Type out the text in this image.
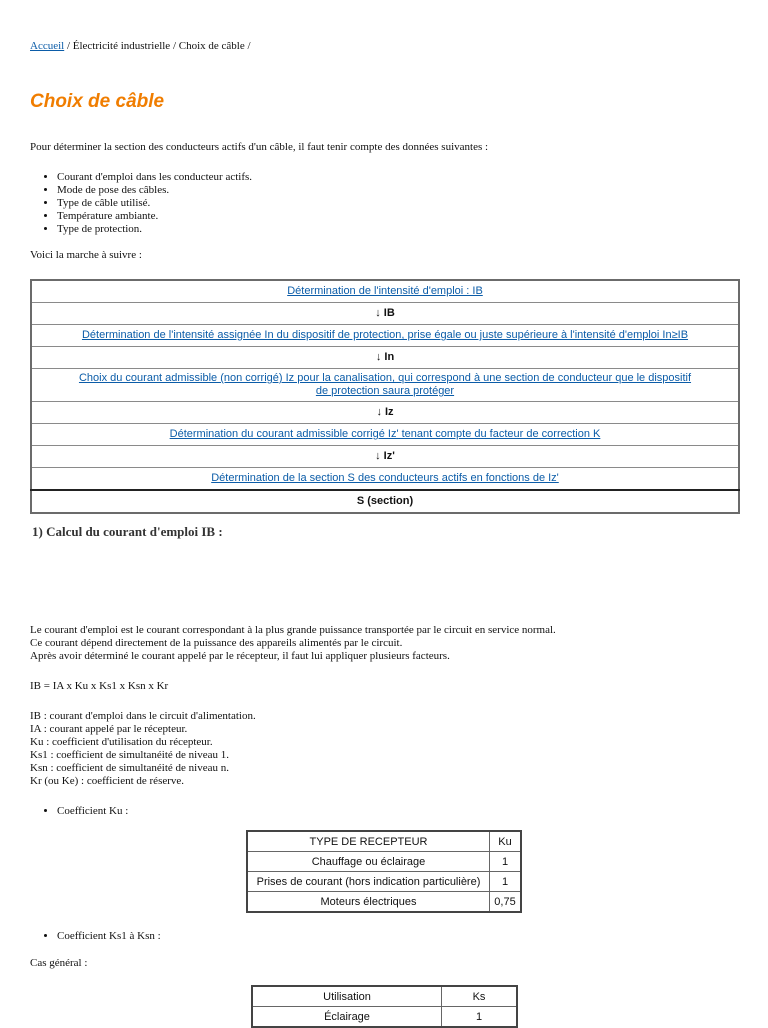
Accueil / Électricité industrielle / Choix de câble /
Choix de câble
Pour déterminer la section des conducteurs actifs d'un câble, il faut tenir compte des données suivantes :
• Courant d'emploi dans les conducteur actifs.
• Mode de pose des câbles.
• Type de câble utilisé.
• Température ambiante.
• Type de protection.
Voici la marche à suivre :
Détermination de l'intensité d'emploi : IB
↓ IB
Détermination de l'intensité assignée In du dispositif de protection, prise égale ou juste supérieure à l'intensité d'emploi In≥IB
↓ In
Choix du courant admissible (non corrigé) Iz pour la canalisation, qui correspond à une section de conducteur que le dispositif de protection saura protéger
↓ Iz
Détermination du courant admissible corrigé Iz' tenant compte du facteur de correction K
↓ Iz'
Détermination de la section S des conducteurs actifs en fonctions de Iz'
S (section)
1) Calcul du courant d'emploi IB :
Le courant d'emploi est le courant correspondant à la plus grande puissance transportée par le circuit en service normal.
Ce courant dépend directement de la puissance des appareils alimentés par le circuit.
Après avoir déterminé le courant appelé par le récepteur, il faut lui appliquer plusieurs facteurs.
IB = IA x Ku x Ks1 x Ksn x Kr
IB : courant d'emploi dans le circuit d'alimentation.
IA : courant appelé par le récepteur.
Ku : coefficient d'utilisation du récepteur.
Ks1 : coefficient de simultanéité de niveau 1.
Ksn : coefficient de simultanéité de niveau n.
Kr (ou Ke) : coefficient de réserve.
• Coefficient Ku :
TYPE DE RECEPTEUR	Ku
Chauffage ou éclairage	1
Prises de courant (hors indication particulière)	1
Moteurs électriques	0,75
• Coefficient Ks1 à Ksn :
Cas général :
Utilisation	Ks
Éclairage	1
